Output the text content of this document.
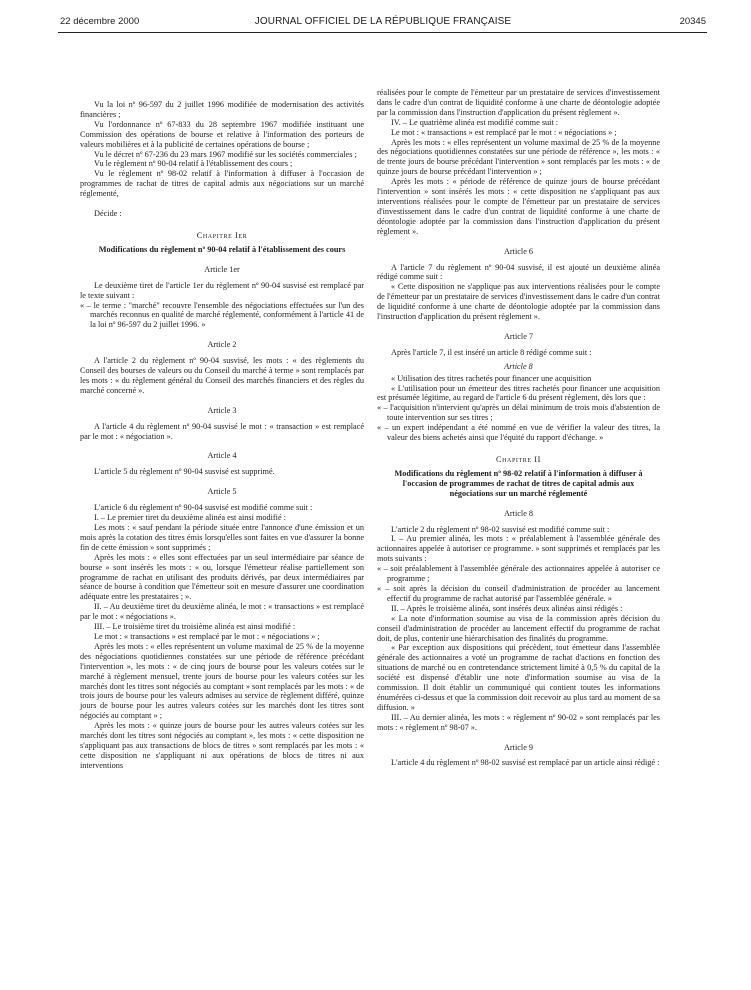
22 décembre 2000	JOURNAL OFFICIEL DE LA RÉPUBLIQUE FRANÇAISE	20345

Vu la loi nº 96-597 du 2 juillet 1996 modifiée de modernisation des activités financières ;

Vu l'ordonnance nº 67-833 du 28 septembre 1967 modifiée instituant une Commission des opérations de bourse et relative à l'information des porteurs de valeurs mobilières et à la publicité de certaines opérations de bourse ;

Vu le décret nº 67-236 du 23 mars 1967 modifié sur les sociétés commerciales ;

Vu le règlement nº 90-04 relatif à l'établissement des cours ;

Vu le règlement nº 98-02 relatif à l'information à diffuser à l'occasion de programmes de rachat de titres de capital admis aux négociations sur un marché réglementé,

Décide :

Chapitre Ier

Modifications du règlement nº 90-04 relatif à l'établissement des cours

Article 1er

Le deuxième tiret de l'article 1er du règlement nº 90-04 susvisé est remplacé par le texte suivant :

« – le terme : "marché" recouvre l'ensemble des négociations effectuées sur l'un des marchés reconnus en qualité de marché réglementé, conformément à l'article 41 de la loi nº 96-597 du 2 juillet 1996. »

Article 2

A l'article 2 du règlement nº 90-04 susvisé, les mots : « des règlements du Conseil des bourses de valeurs ou du Conseil du marché à terme » sont remplacés par les mots : « du règlement général du Conseil des marchés financiers et des règles du marché concerné ».

Article 3

A l'article 4 du règlement nº 90-04 susvisé le mot : « transaction » est remplacé par le mot : « négociation ».

Article 4

L'article 5 du règlement nº 90-04 susvisé est supprimé.

Article 5

L'article 6 du règlement nº 90-04 susvisé est modifié comme suit :

I. – Le premier tiret du deuxième alinéa est ainsi modifié :

Les mots : « sauf pendant la période située entre l'annonce d'une émission et un mois après la cotation des titres émis lorsqu'elles sont faites en vue d'assurer la bonne fin de cette émission » sont supprimés ;

Après les mots : « elles sont effectuées par un seul intermédiaire par séance de bourse » sont insérés les mots : « ou, lorsque l'émetteur réalise partiellement son programme de rachat en utilisant des produits dérivés, par deux intermédiaires par séance de bourse à condition que l'émetteur soit en mesure d'assurer une coordination adéquate entre les prestataires ; ».

II. – Au deuxième tiret du deuxième alinéa, le mot : « transactions » est remplacé par le mot : « négociations ».

III. – Le troisième tiret du troisième alinéa est ainsi modifié :

Le mot : « transactions » est remplacé par le mot : « négociations » ;

Après les mots : « elles représentent un volume maximal de 25 % de la moyenne des négociations quotidiennes constatées sur une période de référence précédant l'intervention », les mots : « de cinq jours de bourse pour les valeurs cotées sur le marché à règlement mensuel, trente jours de bourse pour les valeurs cotées sur les marchés dont les titres sont négociés au comptant » sont remplacés par les mots : « de trois jours de bourse pour les valeurs admises au service de règlement différé, quinze jours de bourse pour les autres valeurs cotées sur les marchés dont les titres sont négociés au comptant » ;

Après les mots : « quinze jours de bourse pour les autres valeurs cotées sur les marchés dont les titres sont négociés au comptant », les mots : « cette disposition ne s'appliquant pas aux transactions de blocs de titres » sont remplacés par les mots : « cette disposition ne s'appliquant ni aux opérations de blocs de titres ni aux interventions

réalisées pour le compte de l'émetteur par un prestataire de services d'investissement dans le cadre d'un contrat de liquidité conforme à une charte de déontologie adoptée par la commission dans l'instruction d'application du présent règlement ».

IV. – Le quatrième alinéa est modifié comme suit :

Le mot : « transactions » est remplacé par le mot : « négociations » ;

Après les mots : « elles représentent un volume maximal de 25 % de la moyenne des négociations quotidiennes constatées sur une période de référence », les mots : « de trente jours de bourse précédant l'intervention » sont remplacés par les mots : « de quinze jours de bourse précédant l'intervention » ;

Après les mots : « période de référence de quinze jours de bourse précédant l'intervention » sont insérés les mots : « cette disposition ne s'appliquant pas aux interventions réalisées pour le compte de l'émetteur par un prestataire de services d'investissement dans le cadre d'un contrat de liquidité conforme à une charte de déontologie adoptée par la commission dans l'instruction d'application du présent règlement ».

Article 6

A l'article 7 du règlement nº 90-04 susvisé, il est ajouté un deuxième alinéa rédigé comme suit :

« Cette disposition ne s'applique pas aux interventions réalisées pour le compte de l'émetteur par un prestataire de services d'investissement dans le cadre d'un contrat de liquidité conforme à une charte de déontologie adoptée par la commission dans l'instruction d'application du présent règlement ».

Article 7

Après l'article 7, il est inséré un article 8 rédigé comme suit :

Article 8

« Utilisation des titres rachetés pour financer une acquisition

« L'utilisation pour un émetteur des titres rachetés pour financer une acquisition est présumée légitime, au regard de l'article 6 du présent règlement, dès lors que :

« – l'acquisition n'intervient qu'après un délai minimum de trois mois d'abstention de toute intervention sur ses titres ;

« – un expert indépendant a été nommé en vue de vérifier la valeur des titres, la valeur des biens achetés ainsi que l'équité du rapport d'échange. »

Chapitre II

Modifications du règlement nº 98-02 relatif à l'information à diffuser à l'occasion de programmes de rachat de titres de capital admis aux négociations sur un marché réglementé

Article 8

L'article 2 du règlement nº 98-02 susvisé est modifié comme suit :

I. – Au premier alinéa, les mots : « préalablement à l'assemblée générale des actionnaires appelée à autoriser ce programme. » sont supprimés et remplacés par les mots suivants :

« – soit préalablement à l'assemblée générale des actionnaires appelée à autoriser ce programme ;

« – soit après la décision du conseil d'administration de procéder au lancement effectif du programme de rachat autorisé par l'assemblée générale. »

II. – Après le troisième alinéa, sont insérés deux alinéas ainsi rédigés :

« La note d'information soumise au visa de la commission après décision du conseil d'administration de procéder au lancement effectif du programme de rachat doit, de plus, contenir une hiérarchisation des finalités du programme.

« Par exception aux dispositions qui précèdent, tout émetteur dans l'assemblée générale des actionnaires a voté un programme de rachat d'actions en fonction des situations de marché ou en contretendance strictement limité à 0,5 % du capital de la société est dispensé d'établir une note d'information soumise au visa de la commission. Il doit établir un communiqué qui contient toutes les informations énumérées ci-dessus et que la commission doit recevoir au plus tard au moment de sa diffusion. »

III. – Au dernier alinéa, les mots : « règlement nº 90-02 » sont remplacés par les mots : « règlement nº 98-07 ».

Article 9

L'article 4 du règlement nº 98-02 susvisé est remplacé par un article ainsi rédigé :
